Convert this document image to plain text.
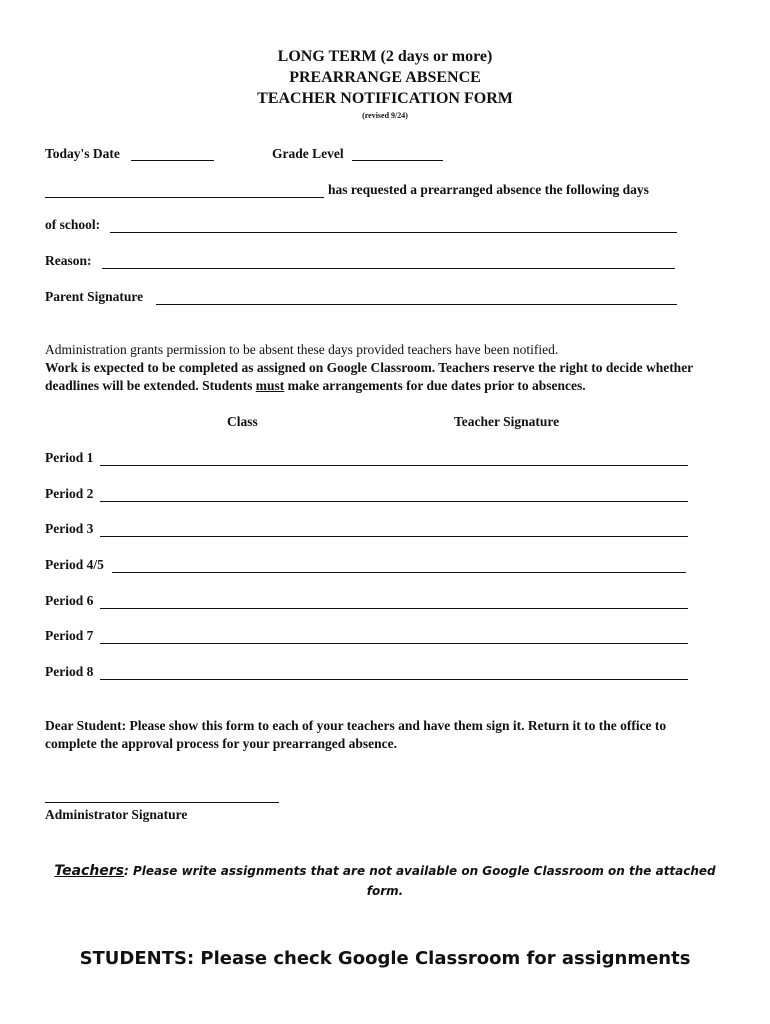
LONG TERM (2 days or more)
PREARRANGE ABSENCE
TEACHER NOTIFICATION FORM
(revised 9/24)
Today's Date	Grade Level
has requested a prearranged absence the following days
of school:
Reason:
Parent Signature
Administration grants permission to be absent these days provided teachers have been notified.
Work is expected to be completed as assigned on Google Classroom. Teachers reserve the right to decide whether deadlines will be extended. Students must make arrangements for due dates prior to absences.
Class	Teacher Signature
Period 1
Period 2
Period 3
Period 4/5
Period 6
Period 7
Period 8
Dear Student: Please show this form to each of your teachers and have them sign it. Return it to the office to complete the approval process for your prearranged absence.
Administrator Signature
Teachers: Please write assignments that are not available on Google Classroom on the attached form.
STUDENTS: Please check Google Classroom for assignments
